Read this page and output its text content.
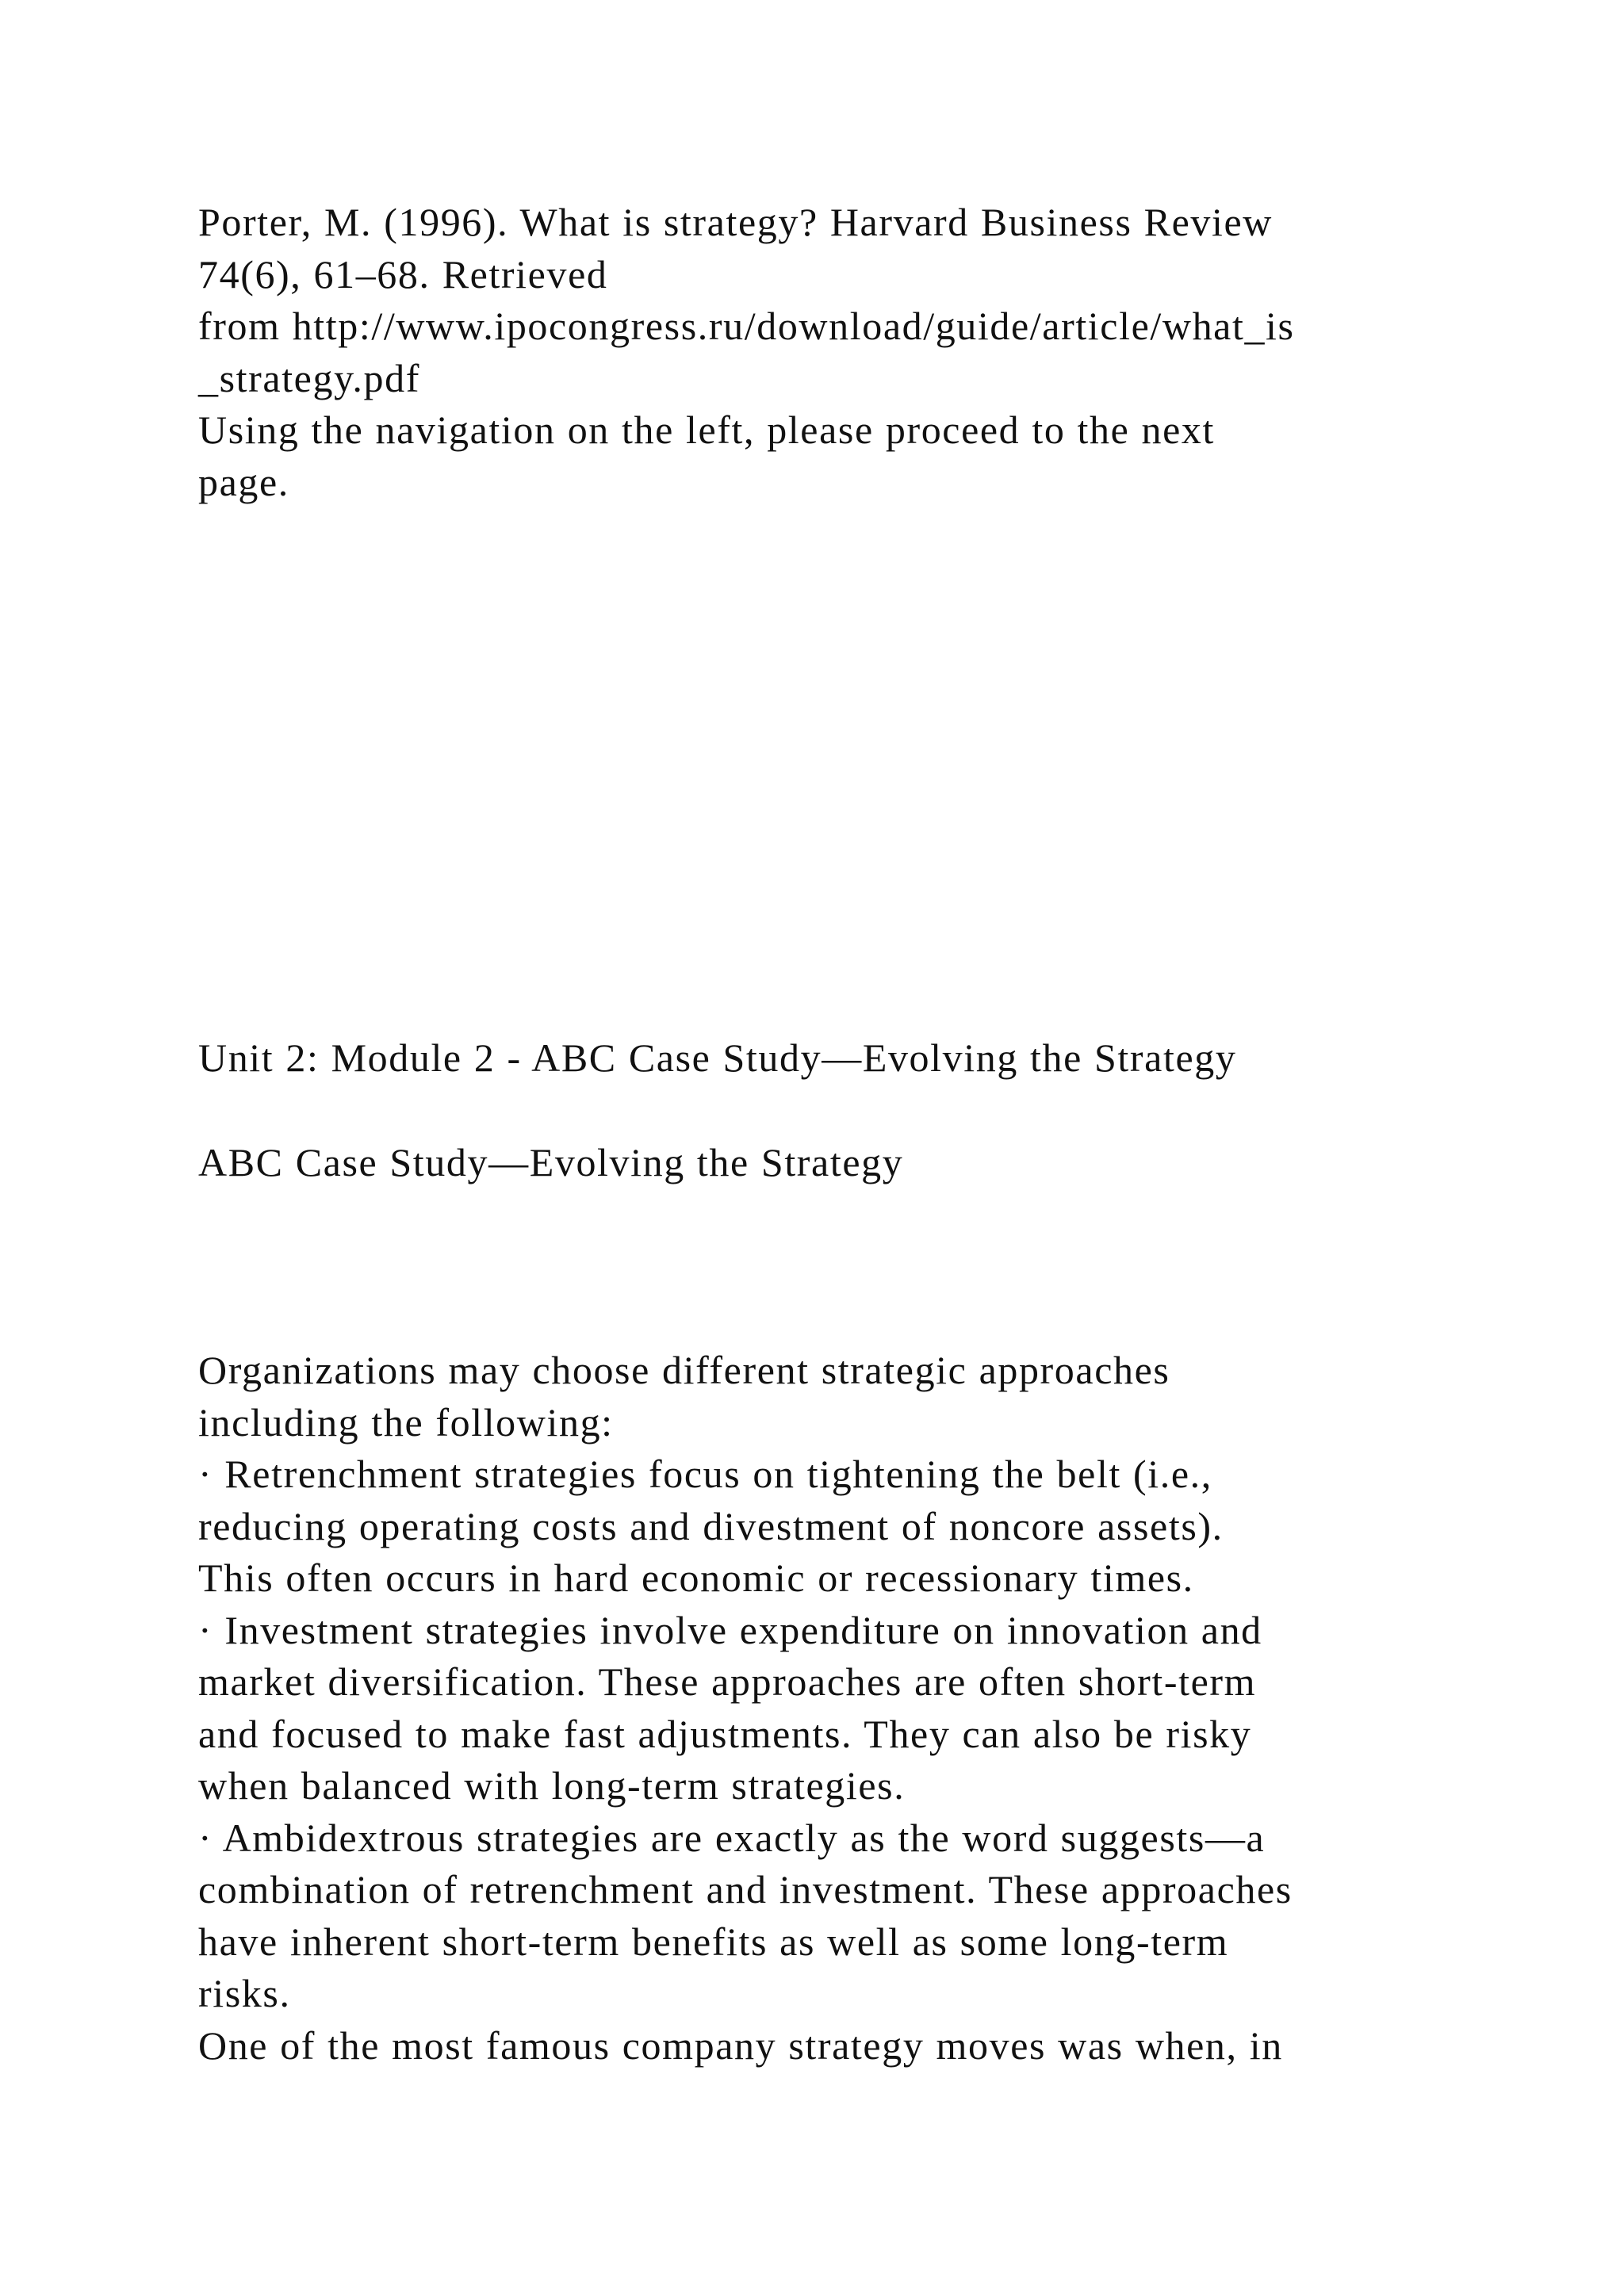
Porter, M. (1996). What is strategy? Harvard Business Review
74(6), 61–68. Retrieved
from http://www.ipocongress.ru/download/guide/article/what_is
_strategy.pdf
Using the navigation on the left, please proceed to the next
page.
Unit 2: Module 2 - ABC Case Study—Evolving the Strategy
ABC Case Study—Evolving the Strategy
Organizations may choose different strategic approaches
including the following:
· Retrenchment strategies focus on tightening the belt (i.e.,
reducing operating costs and divestment of noncore assets).
This often occurs in hard economic or recessionary times.
· Investment strategies involve expenditure on innovation and
market diversification. These approaches are often short-term
and focused to make fast adjustments. They can also be risky
when balanced with long-term strategies.
· Ambidextrous strategies are exactly as the word suggests—a
combination of retrenchment and investment. These approaches
have inherent short-term benefits as well as some long-term
risks.
One of the most famous company strategy moves was when, in
